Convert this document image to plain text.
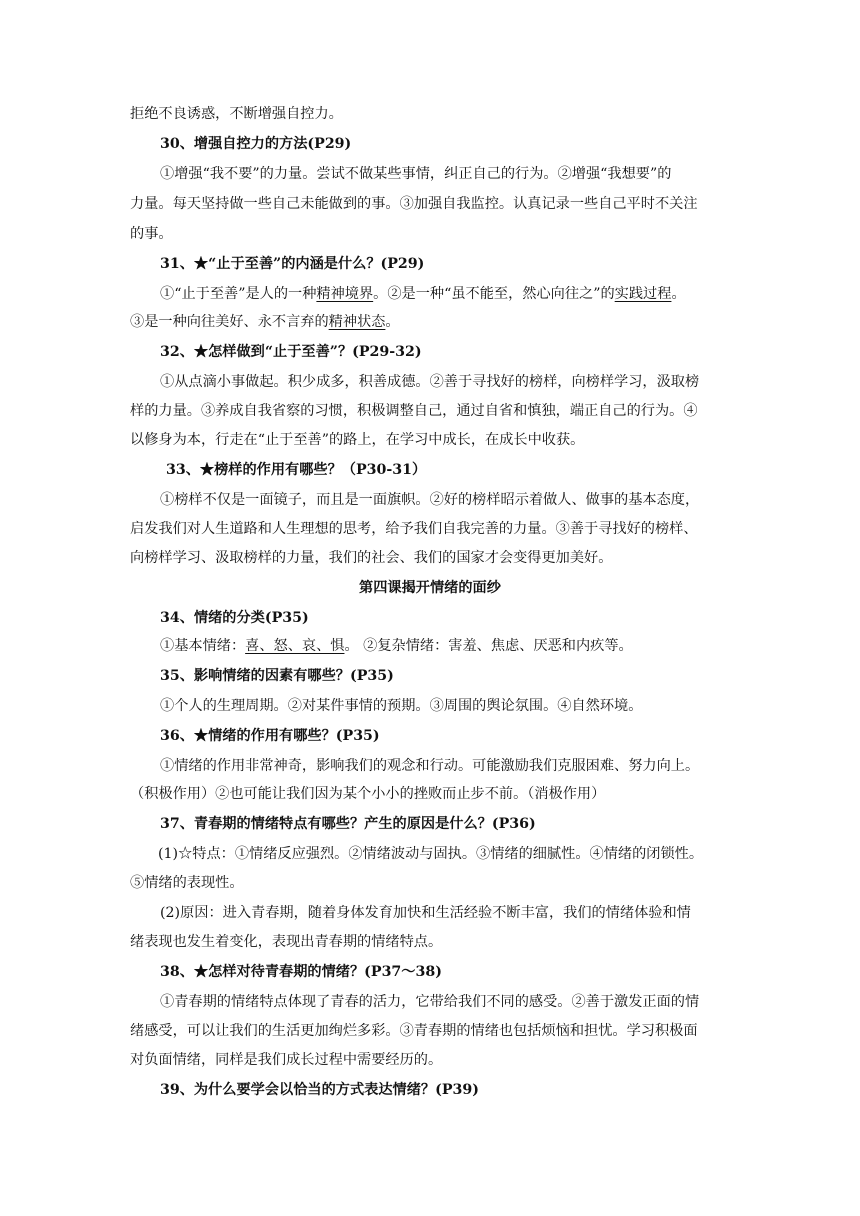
拒绝不良诱惑，不断增强自控力。
30、增强自控力的方法(P29)
①增强“我不要”的力量。尝试不做某些事情，纠正自己的行为。②增强“我想要”的
力量。每天坚持做一些自己未能做到的事。③加强自我监控。认真记录一些自己平时不关注
的事。
31、★“止于至善”的内涵是什么？(P29)
①“止于至善”是人的一种精神境界。②是一种“虽不能至，然心向往之”的实践过程。
③是一种向往美好、永不言弃的精神状态。
32、★怎样做到“止于至善”？(P29-32)
①从点滴小事做起。积少成多，积善成德。②善于寻找好的榜样，向榜样学习，汲取榜
样的力量。③养成自我省察的习惯，积极调整自己，通过自省和慎独，端正自己的行为。④
以修身为本，行走在“止于至善”的路上，在学习中成长，在成长中收获。
33、★榜样的作用有哪些？（P30-31）
①榜样不仅是一面镜子，而且是一面旗帜。②好的榜样昭示着做人、做事的基本态度，
启发我们对人生道路和人生理想的思考，给予我们自我完善的力量。③善于寻找好的榜样、
向榜样学习、汲取榜样的力量，我们的社会、我们的国家才会变得更加美好。
第四课揭开情绪的面纱
34、情绪的分类(P35)
①基本情绪：喜、怒、哀、惧。 ②复杂情绪：害羞、焦虑、厌恶和内疚等。
35、影响情绪的因素有哪些？(P35)
①个人的生理周期。②对某件事情的预期。③周围的舆论氛围。④自然环境。
36、★情绪的作用有哪些？(P35)
①情绪的作用非常神奇，影响我们的观念和行动。可能激励我们克服困难、努力向上。
（积极作用）②也可能让我们因为某个小小的挫败而止步不前。（消极作用）
37、青春期的情绪特点有哪些？产生的原因是什么？(P36)
(1)☆特点：①情绪反应强烈。②情绪波动与固执。③情绪的细腻性。④情绪的闭锁性。
⑤情绪的表现性。
(2)原因：进入青春期，随着身体发育加快和生活经验不断丰富，我们的情绪体验和情
绪表现也发生着变化，表现出青春期的情绪特点。
38、★怎样对待青春期的情绪？(P37～38)
①青春期的情绪特点体现了青春的活力，它带给我们不同的感受。②善于激发正面的情
绪感受，可以让我们的生活更加绚烂多彩。③青春期的情绪也包括烦恼和担忧。学习积极面
对负面情绪，同样是我们成长过程中需要经历的。
39、为什么要学会以恰当的方式表达情绪？(P39)
